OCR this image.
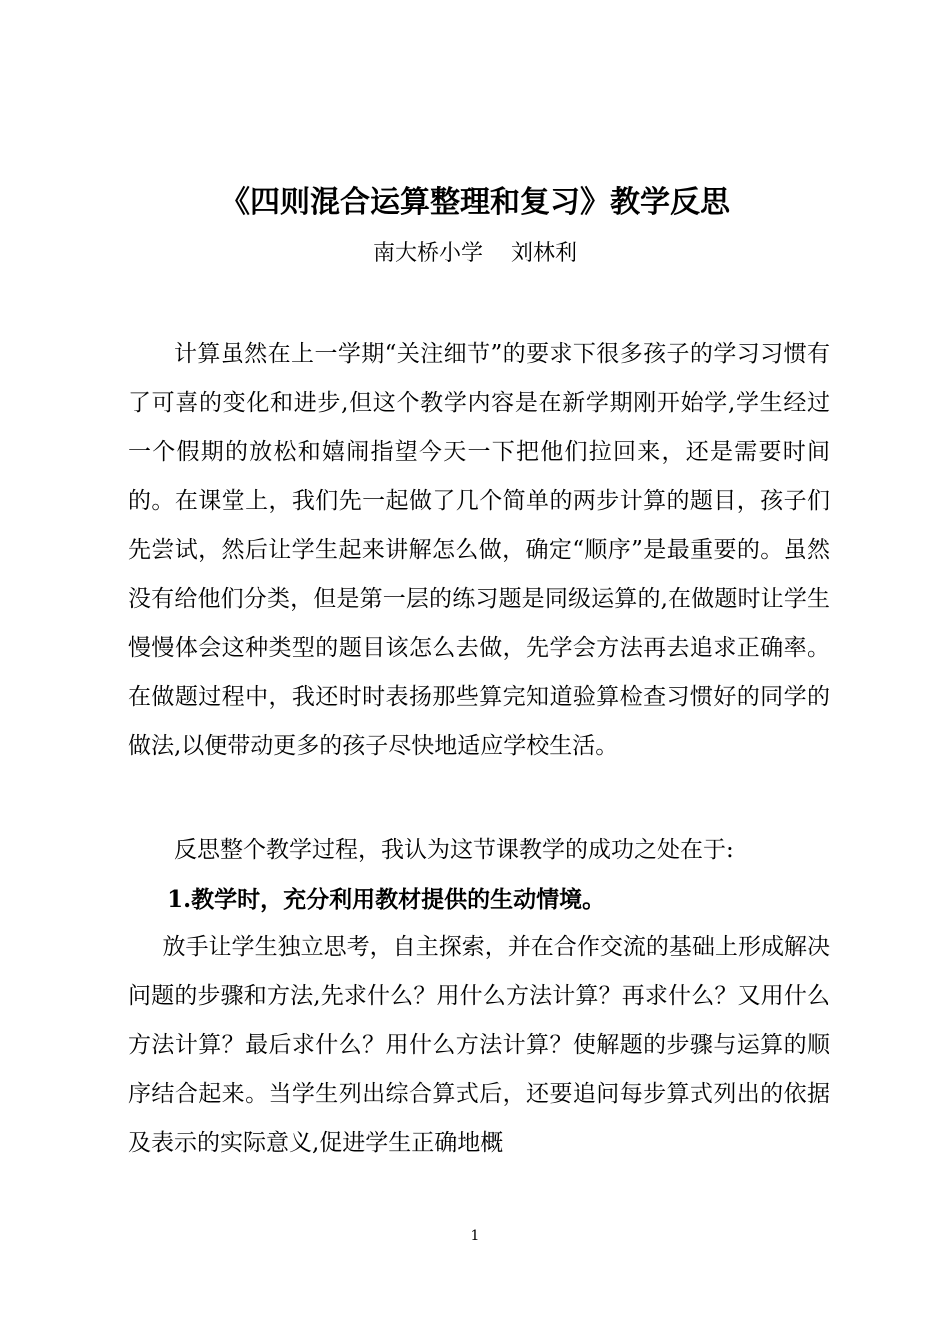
《四则混合运算整理和复习》教学反思

南大桥小学    刘林利

计算虽然在上一学期“关注细节”的要求下很多孩子的学习习惯有了可喜的变化和进步,但这个教学内容是在新学期刚开始学,学生经过一个假期的放松和嬉闹指望今天一下把他们拉回来，还是需要时间的。在课堂上，我们先一起做了几个简单的两步计算的题目，孩子们先尝试，然后让学生起来讲解怎么做，确定“顺序”是最重要的。虽然没有给他们分类，但是第一层的练习题是同级运算的,在做题时让学生慢慢体会这种类型的题目该怎么去做，先学会方法再去追求正确率。在做题过程中，我还时时表扬那些算完知道验算检查习惯好的同学的做法,以便带动更多的孩子尽快地适应学校生活。

反思整个教学过程，我认为这节课教学的成功之处在于:

1.教学时，充分利用教材提供的生动情境。

放手让学生独立思考，自主探索，并在合作交流的基础上形成解决问题的步骤和方法,先求什么？用什么方法计算？再求什么？又用什么方法计算？最后求什么？用什么方法计算？使解题的步骤与运算的顺序结合起来。当学生列出综合算式后，还要追问每步算式列出的依据及表示的实际意义,促进学生正确地概

1
